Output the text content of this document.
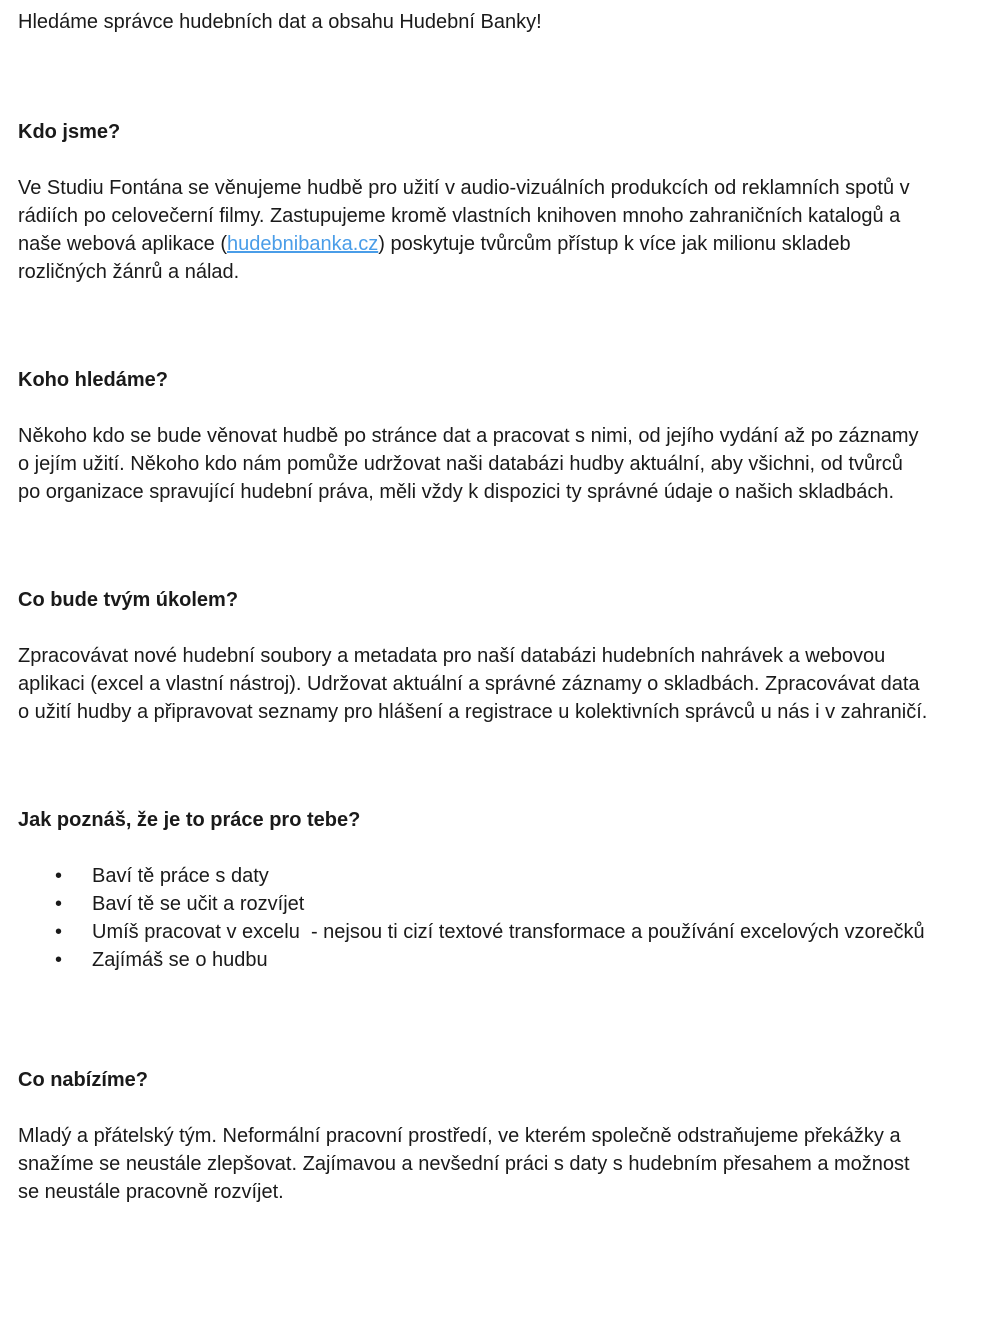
Hledáme správce hudebních dat a obsahu Hudební Banky!

Kdo jsme?

Ve Studiu Fontána se věnujeme hudbě pro užití v audio-vizuálních produkcích od reklamních spotů v rádiích po celovečerní filmy. Zastupujeme kromě vlastních knihoven mnoho zahraničních katalogů a naše webová aplikace (hudebnibanka.cz) poskytuje tvůrcům přístup k více jak milionu skladeb rozličných žánrů a nálad.

Koho hledáme?

Někoho kdo se bude věnovat hudbě po stránce dat a pracovat s nimi, od jejího vydání až po záznamy o jejím užití. Někoho kdo nám pomůže udržovat naši databázi hudby aktuální, aby všichni, od tvůrců po organizace spravující hudební práva, měli vždy k dispozici ty správné údaje o našich skladbách.

Co bude tvým úkolem?

Zpracovávat nové hudební soubory a metadata pro naší databázi hudebních nahrávek a webovou aplikaci (excel a vlastní nástroj). Udržovat aktuální a správné záznamy o skladbách. Zpracovávat data o užití hudby a připravovat seznamy pro hlášení a registrace u kolektivních správců u nás i v zahraničí.

Jak poznáš, že je to práce pro tebe?
•	Baví tě práce s daty
•	Baví tě se učit a rozvíjet
•	Umíš pracovat v excelu  - nejsou ti cizí textové transformace a používání excelových vzorečků
•	Zajímáš se o hudbu
Co nabízíme?

Mladý a přátelský tým. Neformální pracovní prostředí, ve kterém společně odstraňujeme překážky a snažíme se neustále zlepšovat. Zajímavou a nevšední práci s daty s hudebním přesahem a možnost se neustále pracovně rozvíjet.
